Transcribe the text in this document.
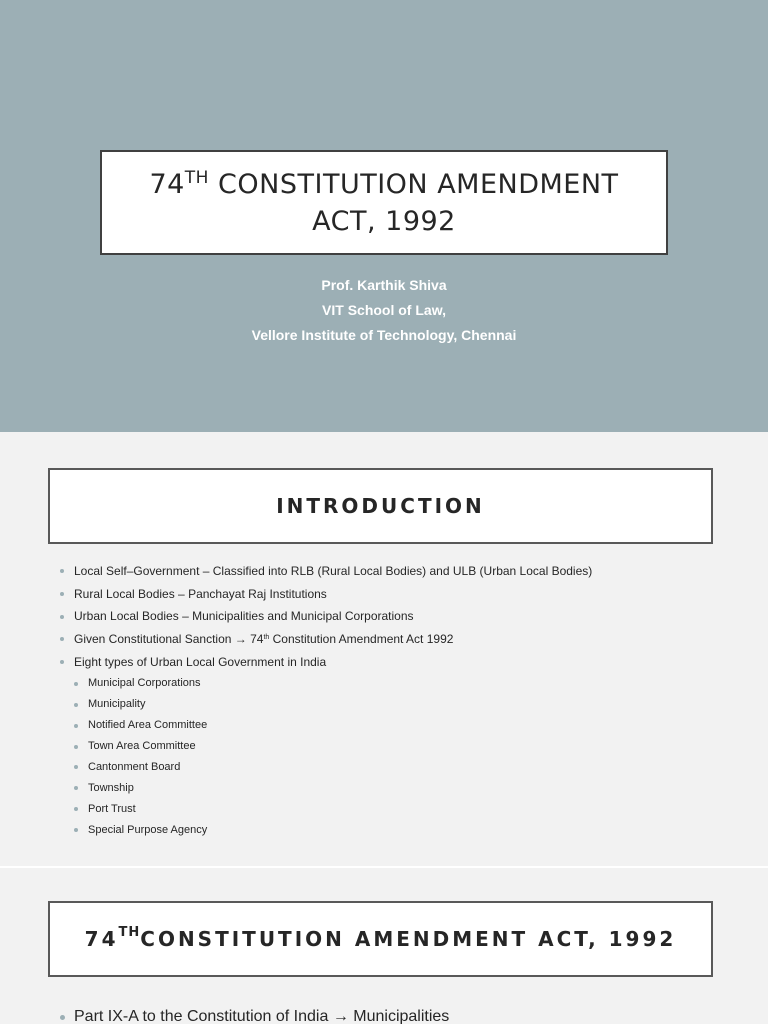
74TH CONSTITUTION AMENDMENT
ACT, 1992
Prof. Karthik Shiva
VIT School of Law,
Vellore Institute of Technology, Chennai
INTRODUCTION
Local Self–Government – Classified into RLB (Rural Local Bodies) and ULB (Urban Local Bodies)
Rural Local Bodies – Panchayat Raj Institutions
Urban Local Bodies – Municipalities and Municipal Corporations
Given Constitutional Sanction → 74th Constitution Amendment Act 1992
Eight types of Urban Local Government in India
Municipal Corporations
Municipality
Notified Area Committee
Town Area Committee
Cantonment Board
Township
Port Trust
Special Purpose Agency
74TH CONSTITUTION AMENDMENT ACT, 1992
Part IX-A to the Constitution of India → Municipalities
